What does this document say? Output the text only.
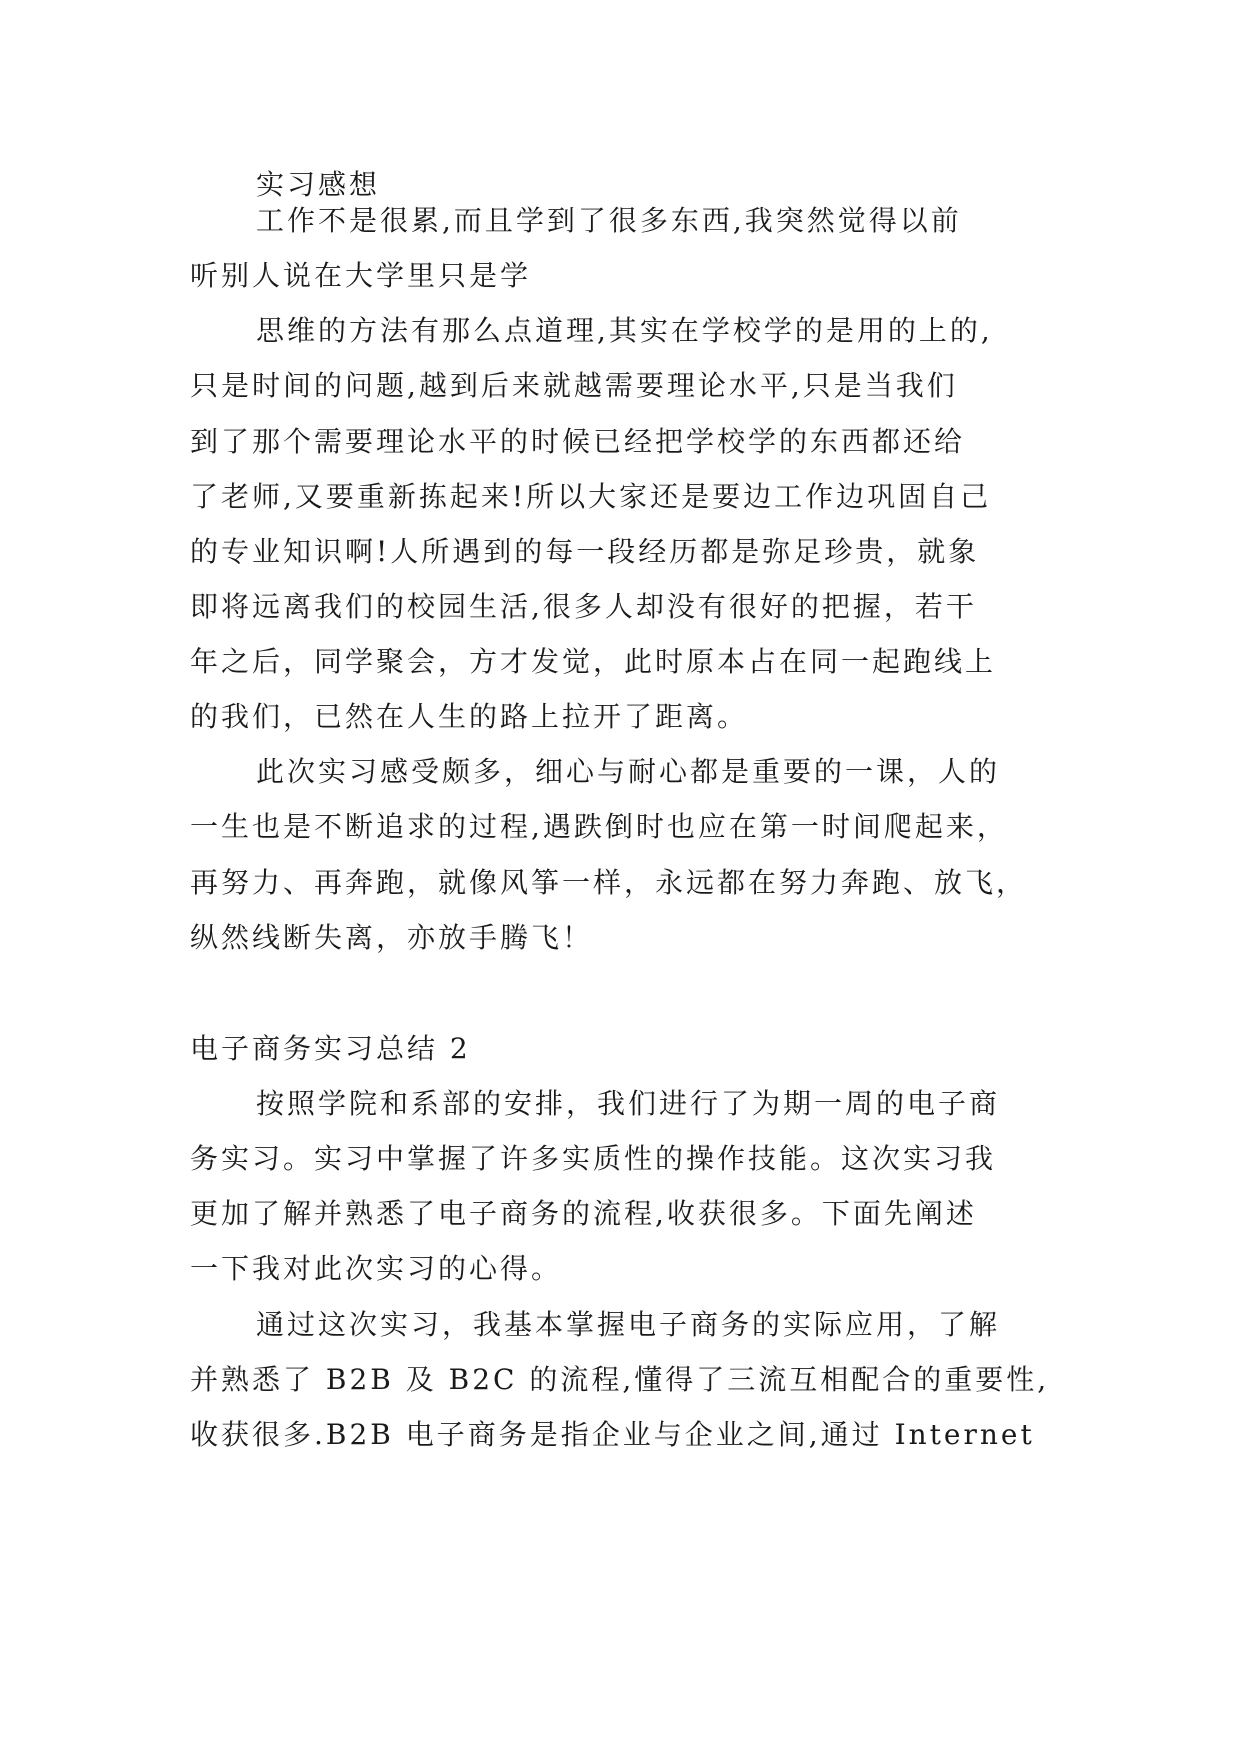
实习感想

工作不是很累,而且学到了很多东西,我突然觉得以前

听别人说在大学里只是学

思维的方法有那么点道理,其实在学校学的是用的上的,

只是时间的问题,越到后来就越需要理论水平,只是当我们

到了那个需要理论水平的时候已经把学校学的东西都还给

了老师,又要重新拣起来!所以大家还是要边工作边巩固自己

的专业知识啊!人所遇到的每一段经历都是弥足珍贵，就象

即将远离我们的校园生活,很多人却没有很好的把握，若干

年之后，同学聚会，方才发觉，此时原本占在同一起跑线上

的我们，已然在人生的路上拉开了距离。

此次实习感受颇多，细心与耐心都是重要的一课，人的

一生也是不断追求的过程,遇跌倒时也应在第一时间爬起来，

再努力、再奔跑，就像风筝一样，永远都在努力奔跑、放飞，

纵然线断失离，亦放手腾飞！

电子商务实习总结 2

按照学院和系部的安排，我们进行了为期一周的电子商

务实习。实习中掌握了许多实质性的操作技能。这次实习我

更加了解并熟悉了电子商务的流程,收获很多。下面先阐述

一下我对此次实习的心得。

通过这次实习，我基本掌握电子商务的实际应用，了解

并熟悉了 B2B 及 B2C 的流程,懂得了三流互相配合的重要性,

收获很多.B2B 电子商务是指企业与企业之间,通过 Internet
